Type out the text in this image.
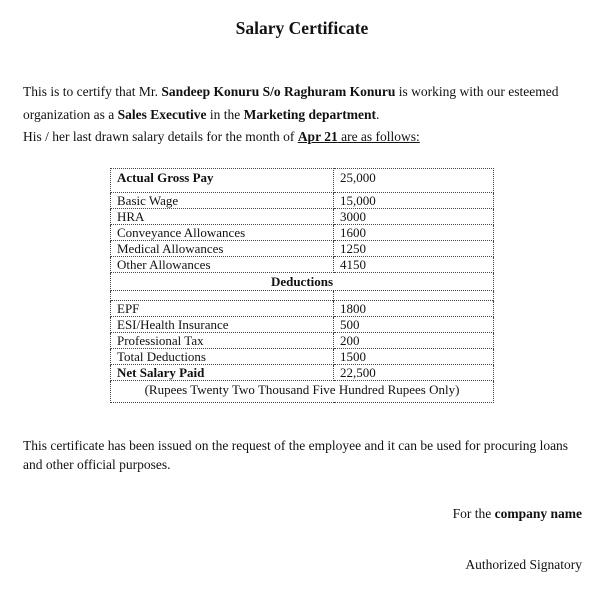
Salary Certificate
This is to certify that Mr. Sandeep Konuru S/o Raghuram Konuru is working with our esteemed organization as a Sales Executive in the Marketing department.
His / her last drawn salary details for the month of Apr 21 are as follows:
Actual Gross Pay	25,000
Basic Wage	15,000
HRA	3000
Conveyance Allowances	1600
Medical Allowances	1250
Other Allowances	4150
Deductions	

EPF	1800
ESI/Health Insurance	500
Professional Tax	200
Total Deductions	1500
Net Salary Paid	22,500
(Rupees Twenty Two Thousand Five Hundred Rupees Only)	
This certificate has been issued on the request of the employee and it can be used for procuring loans and other official purposes.
For the company name
Authorized Signatory
